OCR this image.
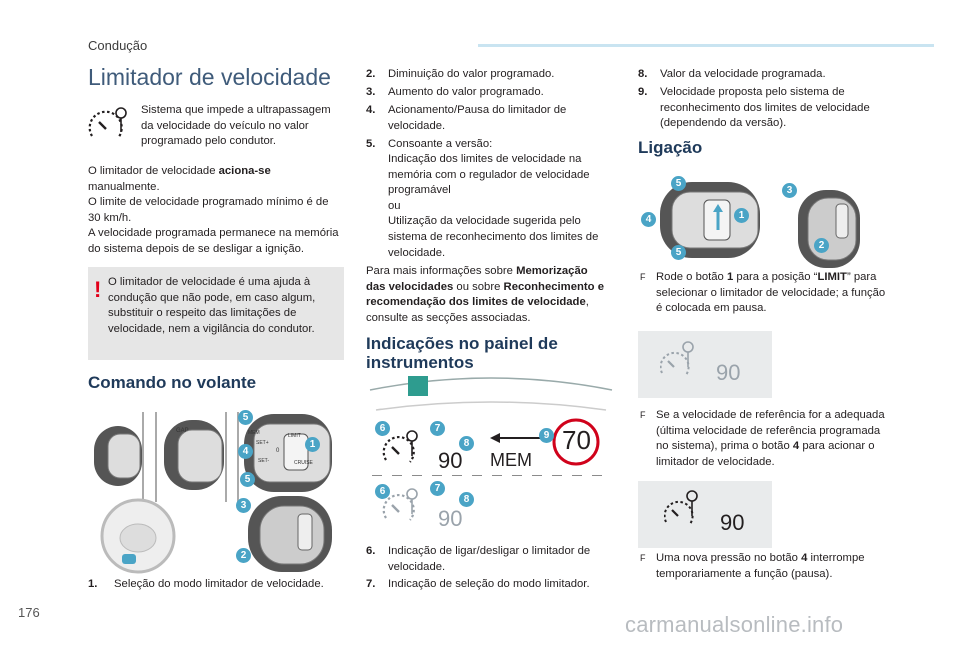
Condução
Limitador de velocidade
Sistema que impede a ultrapassagem da velocidade do veículo no valor programado pelo condutor.
O limitador de velocidade aciona-se manualmente.
O limite de velocidade programado mínimo é de 30 km/h.
A velocidade programada permanece na memória do sistema depois de se desligar a ignição.
! O limitador de velocidade é uma ajuda à condução que não pode, em caso algum, substituir o respeito das limitações de velocidade, nem a vigilância do condutor.
Comando no volante
GAP	MEM	LIMIT
CRUISE
SET+
SET-
0
5
4
1
5
3
2
1. Seleção do modo limitador de velocidade.
2. Diminuição do valor programado.
3. Aumento do valor programado.
4. Acionamento/Pausa do limitador de velocidade.
5. Consoante a versão:
Indicação dos limites de velocidade na memória com o regulador de velocidade programável
ou
Utilização da velocidade sugerida pelo sistema de reconhecimento dos limites de velocidade.
Para mais informações sobre Memorização das velocidades ou sobre Reconhecimento e recomendação dos limites de velocidade, consulte as secções associadas.
Indicações no painel de instrumentos
90 MEM
70
90
6	7
8
9
6	7
8
6. Indicação de ligar/desligar o limitador de velocidade.
7. Indicação de seleção do modo limitador.
8. Valor da velocidade programada.
9. Velocidade proposta pelo sistema de reconhecimento dos limites de velocidade (dependendo da versão).
Ligação
5
3
4	1
2
5
F Rode o botão 1 para a posição “LIMIT” para selecionar o limitador de velocidade; a função é colocada em pausa.
90
F Se a velocidade de referência for a adequada (última velocidade de referência programada no sistema), prima o botão 4 para acionar o limitador de velocidade.
90
F Uma nova pressão no botão 4 interrompe temporariamente a função (pausa).
176	carmanualsonline.info
